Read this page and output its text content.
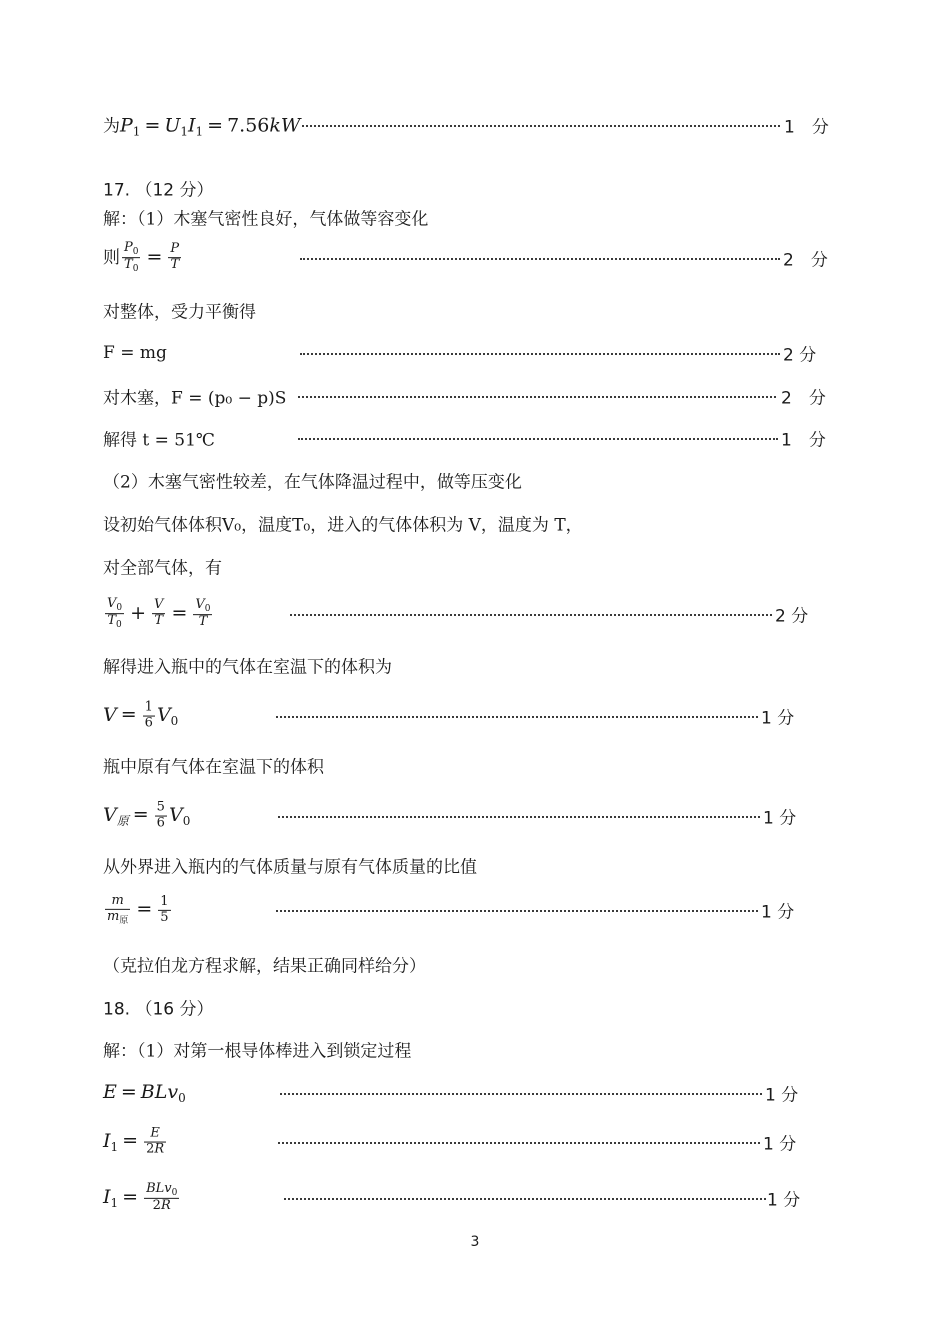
为$P_1 = U_1I_1 = 7.56kW$	1　分
17. （12 分）
解：（1）木塞气密性良好，气体做等容变化
则 $\frac{P_0}{T_0} = \frac{P}{T}$	2　分
对整体，受力平衡得
F = mg	2 分
对木塞，F = (p₀ − p)S	2　分
解得 t = 51℃	1　分
（2）木塞气密性较差，在气体降温过程中，做等压变化
设初始气体体积V₀，温度T₀，进入的气体体积为 V，温度为 T，
对全部气体，有
$\frac{V_0}{T_0} + \frac{V}{T} = \frac{V_0}{T}$	2 分
解得进入瓶中的气体在室温下的体积为
$V = \frac{1}{6} V_0$	1 分
瓶中原有气体在室温下的体积
$V_原 = \frac{5}{6} V_0$	1 分
从外界进入瓶内的气体质量与原有气体质量的比值
$\frac{m}{m_原} = \frac{1}{5}$	1 分
（克拉伯龙方程求解，结果正确同样给分）
18. （16 分）
解：（1）对第一根导体棒进入到锁定过程
E = BLv$_0$	1 分
$I_1 = \frac{E}{2R}$	1 分
$I_1 = \frac{BLv_0}{2R}$	1 分
3
